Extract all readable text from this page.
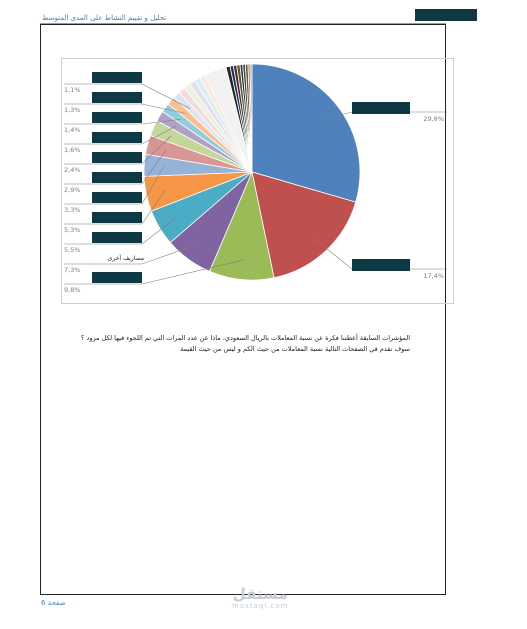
تحليل و تقييم النشاط على المدى المتوسط
29,8%
17,4%
9,8%
مصاريف أخرى
7,3%
5,5%
5,3%
3,3%
2,9%
2,4%
1,6%
1,4%
1,3%
1,1%
المؤشرات السابقة أعطتنا فكرة عن نسبة المعاملات بالريال السعودي، ماذا عن عدد المرات التي تم اللجوء فيها لكل مزود ؟
سوف نقدم في الصفحات التالية نسبة المعاملات من حيث الكم و ليس من حيث القيمة
صفحة 6	مستقل
mostaql.com
